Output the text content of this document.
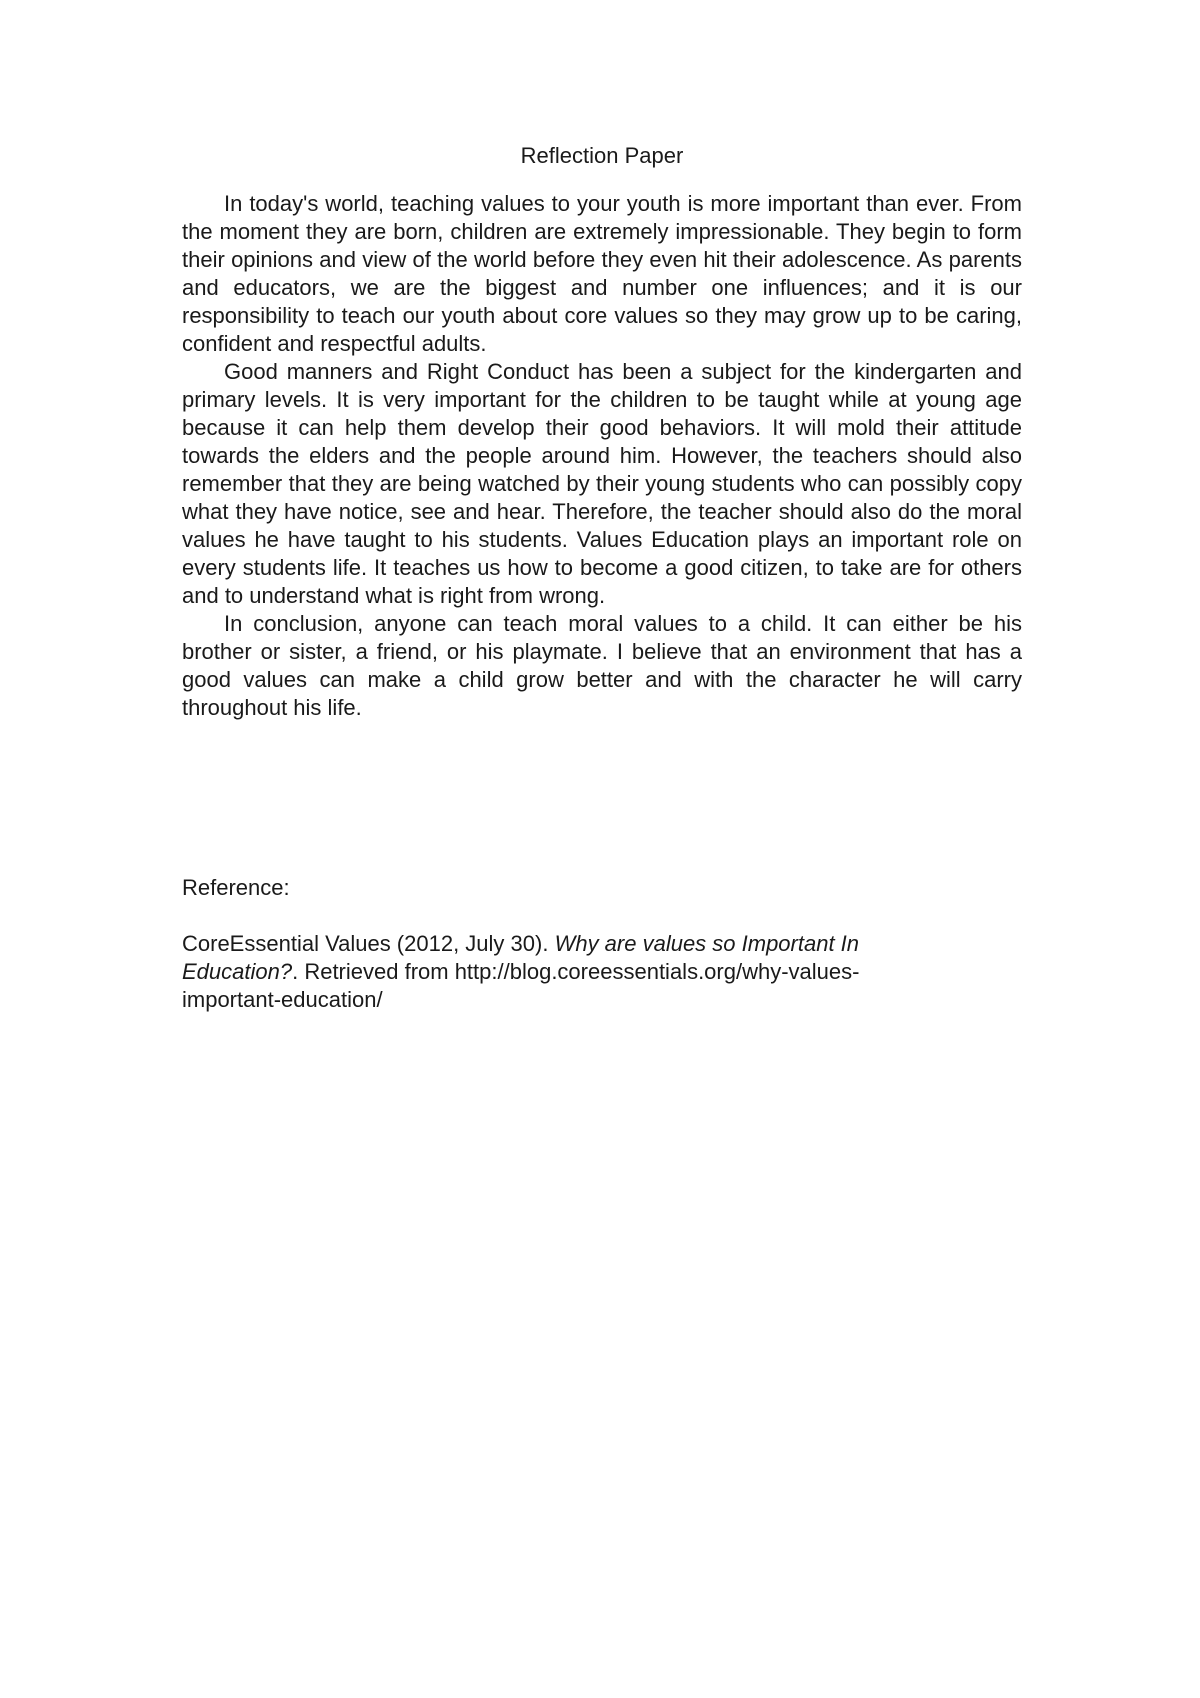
Reflection Paper

In today's world, teaching values to your youth is more important than ever. From the moment they are born, children are extremely impressionable. They begin to form their opinions and view of the world before they even hit their adolescence. As parents and educators, we are the biggest and number one influences; and it is our responsibility to teach our youth about core values so they may grow up to be caring, confident and respectful adults.

Good manners and Right Conduct has been a subject for the kindergarten and primary levels. It is very important for the children to be taught while at young age because it can help them develop their good behaviors. It will mold their attitude towards the elders and the people around him. However, the teachers should also remember that they are being watched by their young students who can possibly copy what they have notice, see and hear. Therefore, the teacher should also do the moral values he have taught to his students. Values Education plays an important role on every students life. It teaches us how to become a good citizen, to take are for others and to understand what is right from wrong.

In conclusion, anyone can teach moral values to a child. It can either be his brother or sister, a friend, or his playmate. I believe that an environment that has a good values can make a child grow better and with the character he will carry throughout his life.

Reference:

CoreEssential Values (2012, July 30). Why are values so Important In Education?. Retrieved from http://blog.coreessentials.org/why-values-important-education/
